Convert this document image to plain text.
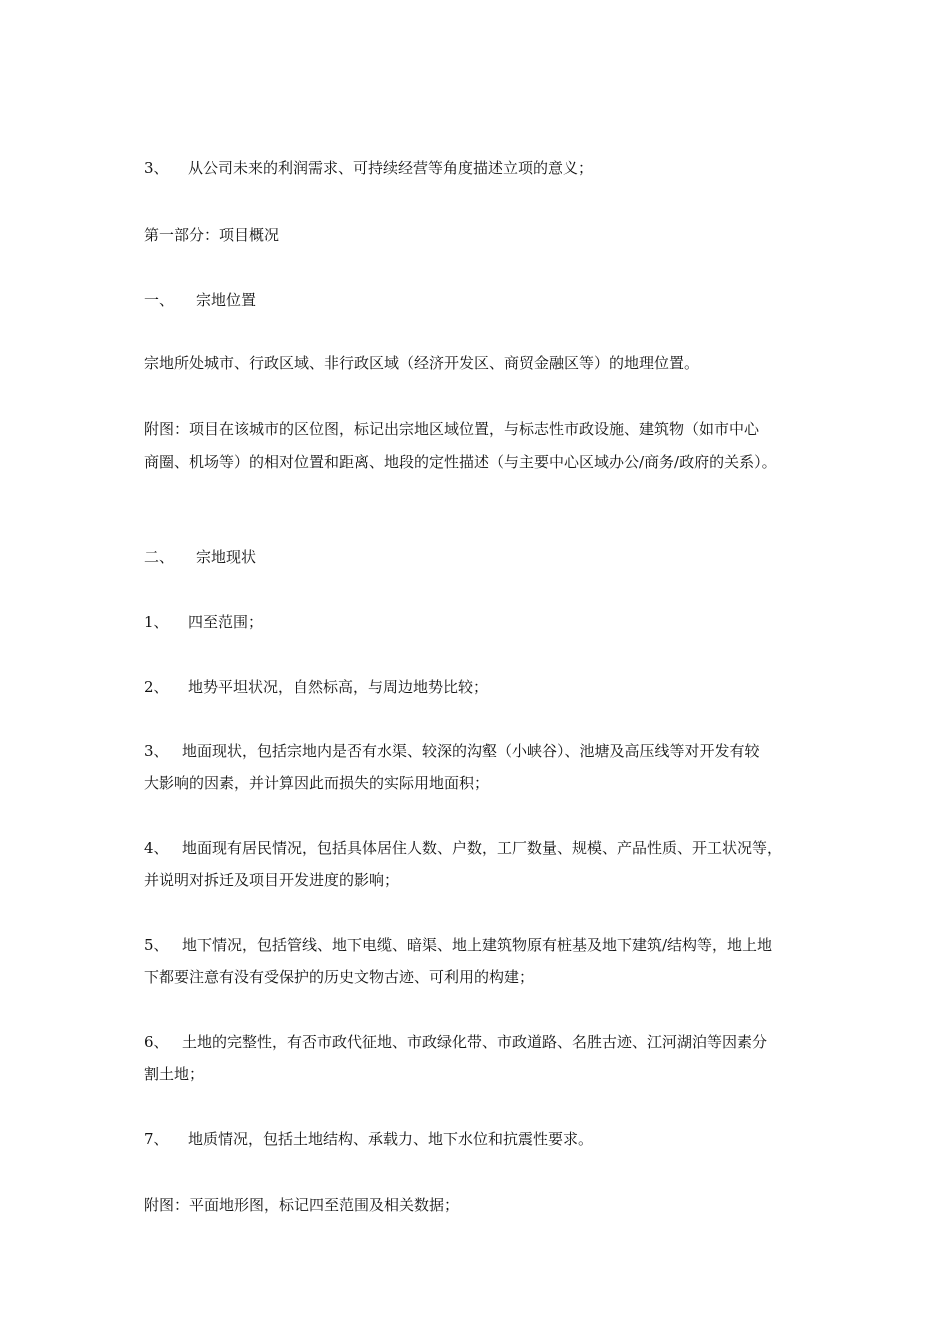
3、 从公司未来的利润需求、可持续经营等角度描述立项的意义；
第一部分：项目概况
一、 宗地位置
宗地所处城市、行政区域、非行政区域（经济开发区、商贸金融区等）的地理位置。
附图：项目在该城市的区位图，标记出宗地区域位置，与标志性市政设施、建筑物（如市中心
商圈、机场等）的相对位置和距离、地段的定性描述（与主要中心区域办公/商务/政府的关系）。
二、 宗地现状
1、 四至范围；
2、 地势平坦状况，自然标高，与周边地势比较；
3、 地面现状，包括宗地内是否有水渠、较深的沟壑（小峡谷）、池塘及高压线等对开发有较
大影响的因素，并计算因此而损失的实际用地面积；
4、 地面现有居民情况，包括具体居住人数、户数，工厂数量、规模、产品性质、开工状况等，
并说明对拆迁及项目开发进度的影响；
5、 地下情况，包括管线、地下电缆、暗渠、地上建筑物原有桩基及地下建筑/结构等，地上地
下都要注意有没有受保护的历史文物古迹、可利用的构建；
6、 土地的完整性，有否市政代征地、市政绿化带、市政道路、名胜古迹、江河湖泊等因素分
割土地；
7、 地质情况，包括土地结构、承载力、地下水位和抗震性要求。
附图：平面地形图，标记四至范围及相关数据；
